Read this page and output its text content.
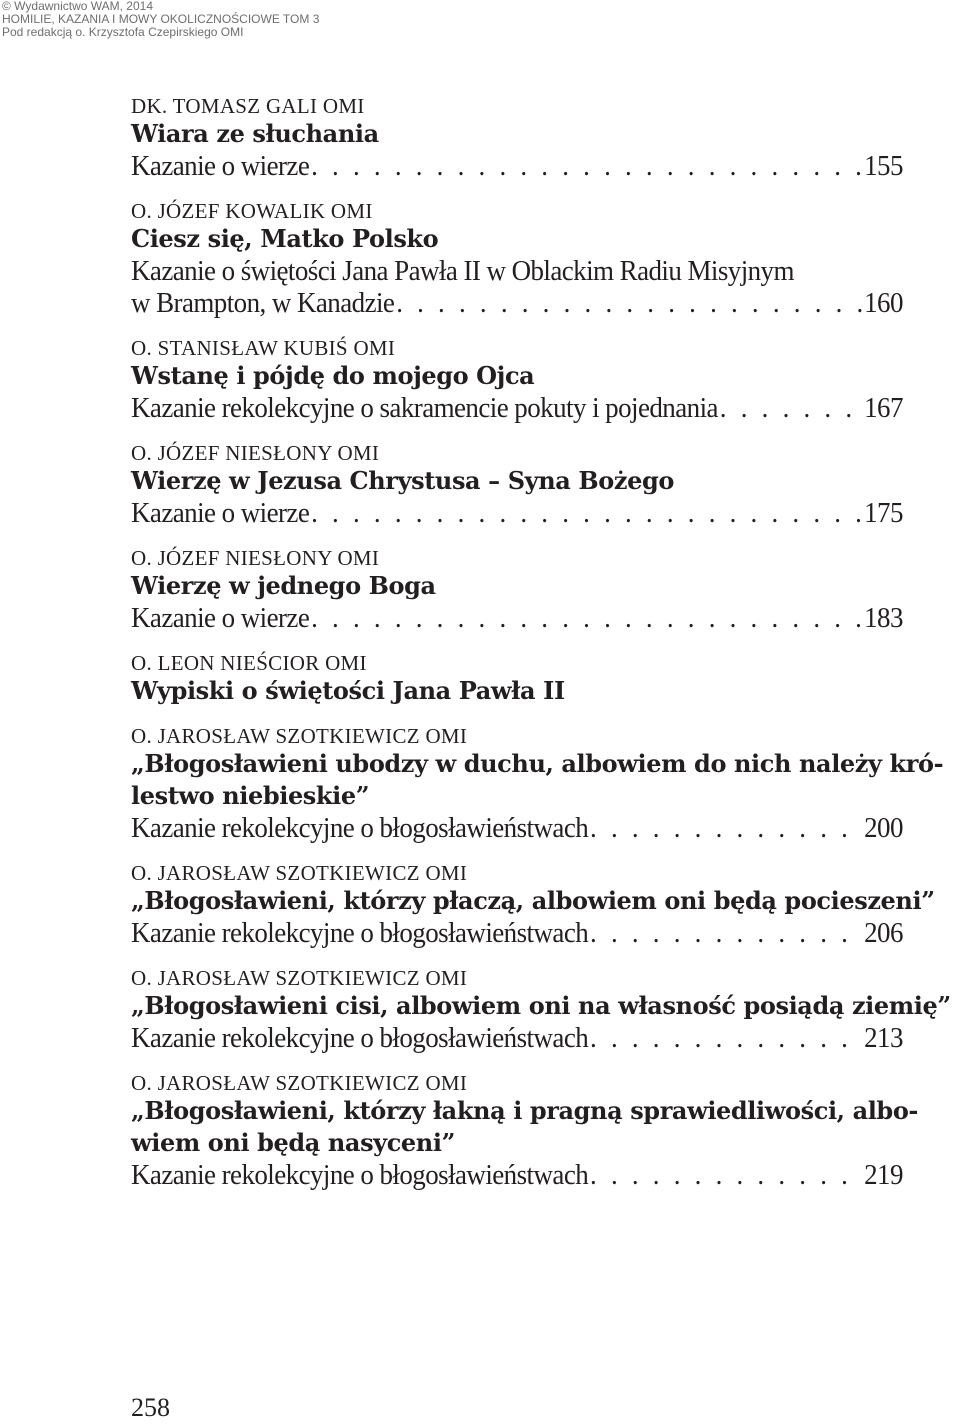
© Wydawnictwo WAM, 2014
HOMILIE, KAZANIA I MOWY OKOLICZNOŚCIOWE TOM 3
Pod redakcją o. Krzysztofa Czepirskiego OMI
DK. TOMASZ GALI OMI
Wiara ze słuchania
Kazanie o wierze . . .	155
O. JÓZEF KOWALIK OMI
Ciesz się, Matko Polsko
Kazanie o świętości Jana Pawła II w Oblackim Radiu Misyjnym
w Brampton, w Kanadzie . . .	160
O. STANISŁAW KUBIŚ OMI
Wstanę i pójdę do mojego Ojca
Kazanie rekolekcyjne o sakramencie pokuty i pojednania . . .	167
O. JÓZEF NIESŁONY OMI
Wierzę w Jezusa Chrystusa – Syna Bożego
Kazanie o wierze . . .	175
O. JÓZEF NIESŁONY OMI
Wierzę w jednego Boga
Kazanie o wierze . . .	183
O. LEON NIEŚCIOR OMI
Wypiski o świętości Jana Pawła II
O. JAROSŁAW SZOTKIEWICZ OMI
„Błogosławieni ubodzy w duchu, albowiem do nich należy kró-
lestwo niebieskie”
Kazanie rekolekcyjne o błogosławieństwach . . .	200
O. JAROSŁAW SZOTKIEWICZ OMI
„Błogosławieni, którzy płaczą, albowiem oni będą pocieszeni”
Kazanie rekolekcyjne o błogosławieństwach . . .	206
O. JAROSŁAW SZOTKIEWICZ OMI
„Błogosławieni cisi, albowiem oni na własność posiądą ziemię”
Kazanie rekolekcyjne o błogosławieństwach . . .	213
O. JAROSŁAW SZOTKIEWICZ OMI
„Błogosławieni, którzy łakną i pragną sprawiedliwości, albo-
wiem oni będą nasyceni”
Kazanie rekolekcyjne o błogosławieństwach . . .	219
258
